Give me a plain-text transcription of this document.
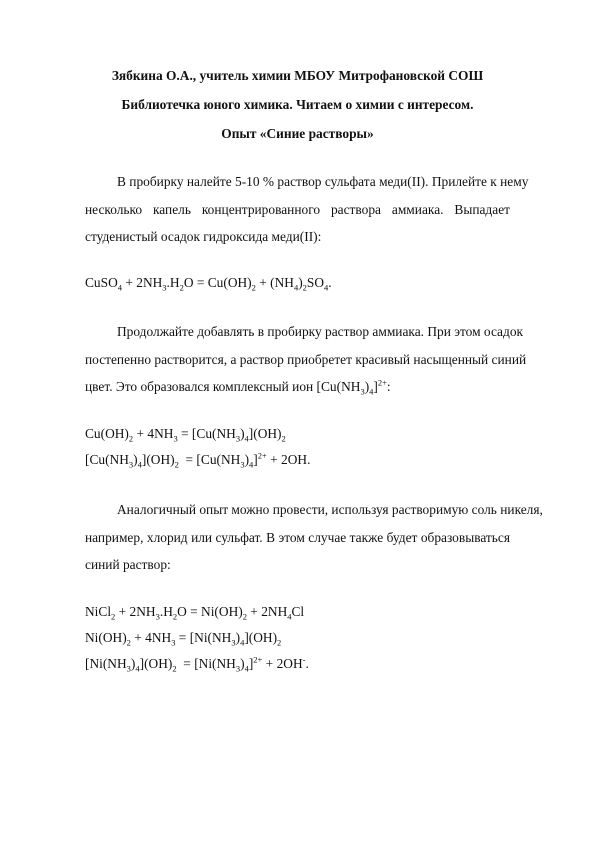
Зябкина О.А., учитель химии МБОУ Митрофановской СОШ
Библиотечка юного химика. Читаем о химии с интересом.
Опыт «Синие растворы»
В пробирку налейте 5-10 % раствор сульфата меди(II). Прилейте к нему
несколько капель концентрированного раствора аммиака. Выпадает
студенистый осадок гидроксида меди(II):
CuSO$_4$ + $2NH_3.H_2O = Cu(OH)_2 + (NH_4)_2SO_4$.
Продолжайте добавлять в пробирку раствор аммиака. При этом осадок
постепенно растворится, а раствор приобретет красивый насыщенный синий
цвет. Это образовался комплексный ион $[Cu(NH_3)_4]^{2+}$:
$Cu(OH)_2 + 4NH_3 = [Cu(NH_3)_4](OH)_2$
$[Cu(NH_3)_4](OH)_2 = [Cu(NH_3)_4]^{2+} + 2OH$.
Аналогичный опыт можно провести, используя растворимую соль никеля,
например, хлорид или сульфат. В этом случае также будет образовываться
синий раствор:
NiCl$_2$ + $2NH_3.H_2O = Ni(OH)_2 + 2NH_4Cl$
$Ni(OH)_2 + 4NH_3 = [Ni(NH_3)_4](OH)_2$
$[Ni(NH_3)_4](OH)_2 = [Ni(NH_3)_4]^{2+} + 2OH^-$.
